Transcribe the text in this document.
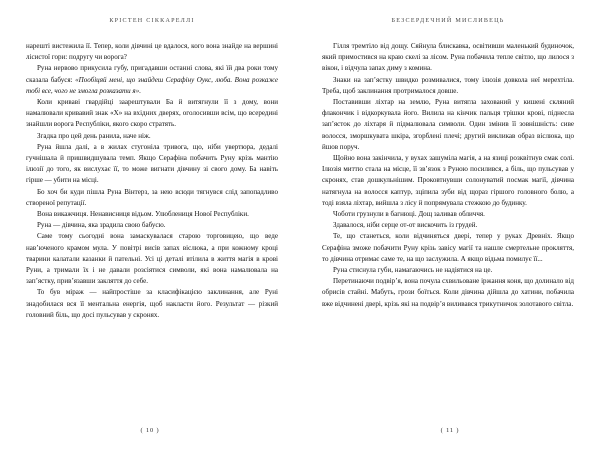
КРІСТЕН СІККАРЕЛЛІ

нарешті вистежила її. Тепер, коли дівчині це вдалося, кого вона знайде на вершині лісистої гори: подругу чи ворога?

Руна нервово прикусила губу, пригадавши останні слова, які їй два роки тому сказала бабуся: «Пообіцяй мені, що знайдеш Серафіну Оукс, люба. Вона розкаже тобі все, чого не змогла розказати я».

Коли криваві гвардійці заарештували Ба й витягнули її з дому, вони намалювали кривавий знак «Х» на вхідних дверях, оголосивши всім, що всередині знайшли ворога Республіки, якого скоро стратять.

Згадка про цей день ранила, наче ніж.

Руна йшла далі, а в жилах стугоніла тривога, що, ніби увертюра, дедалі гучнішала й пришвидшувала темп. Якщо Серафіна побачить Руну крізь мантію ілюзії до того, як вислухає її, то може вигнати дівчину зі свого дому. Ба навіть гірше — убити на місці.

Бо хоч би куди пішла Руна Вінтерз, за нею всюди тягнувся слід запопадливо створеної репутації.

Вона викажчиця. Ненависниця відьом. Улюблениця Нової Республіки.

Руна — дівчина, яка зрадила свою бабусю.

Саме тому сьогодні вона замаскувалася старою торговицею, що веде нав’юченого крамом мула. У повітрі висів запах віслюка, а при кожному кроці тварини калатали казанки й пательні. Усі ці деталі втілила в життя магія в крові Руни, а тримали їх і не давали розсіятися символи, які вона намалювала на зап’ястку, прив’язавши закляття до себе.

То був міраж — найпростіше за класифікацією заклинання, але Руні знадобилася вся її ментальна енергія, щоб накласти його. Результат — різкий головний біль, що досі пульсував у скронях.

( 10 )
БЕЗСЕРДЕЧНИЙ МИСЛИВЕЦЬ

Гілля тремтіло від дощу. Сяйнула блискавка, освітивши маленький будиночок, який примостився на краю скелі за лісом. Руна побачила тепле світло, що лилося з вікон, і відчула запах диму з комина.

Знаки на зап’ястку швидко розмивалися, тому ілюзія довкола неї мерехтіла. Треба, щоб заклинання протрималося довше.

Поставивши ліхтар на землю, Руна витягла захований у кишені скляний флакончик і відкоркувала його. Вилила на кінчик пальця трішки крові, піднесла зап’ясток до ліхтаря й підмалювала символи. Один змінив її зовнішність: сиве волосся, зморшкувата шкіра, згорблені плечі; другий викликав образ віслюка, що йшов поруч.

Щойно вона закінчила, у вухах зашуміла магія, а на язиці розквітнув смак солі. Ілюзія миттю стала на місце, її зв’язок з Руною посилився, а біль, що пульсував у скронях, став дошкульнішим. Проковтнувши солонуватий посмак магії, дівчина натягнула на волосся каптур, зціпила зуби від щораз гіршого головного болю, а тоді взяла ліхтар, вийшла з лісу й попрямувала стежкою до будинку.

Чоботи грузнули в багнюці. Дощ заливав обличчя.

Здавалося, ніби серце от-от вискочить із грудей.

Те, що станеться, коли відчиняться двері, тепер у руках Древніх. Якщо Серафіна зможе побачити Руну крізь завісу магії та нашле смертельне прокляття, то дівчина отримає саме те, на що заслужила. А якщо відьма помилує її...

Руна стиснула губи, намагаючись не надіятися на це.

Перетинаючи подвір’я, вона почула схвильоване іржання коня, що долинало від обрисів стайні. Мабуть, грози боїться. Коли дівчина дійшла до хатини, побачила вже відчинені двері, крізь які на подвір’я виливався трикутничок золотавого світла.

( 11 )
